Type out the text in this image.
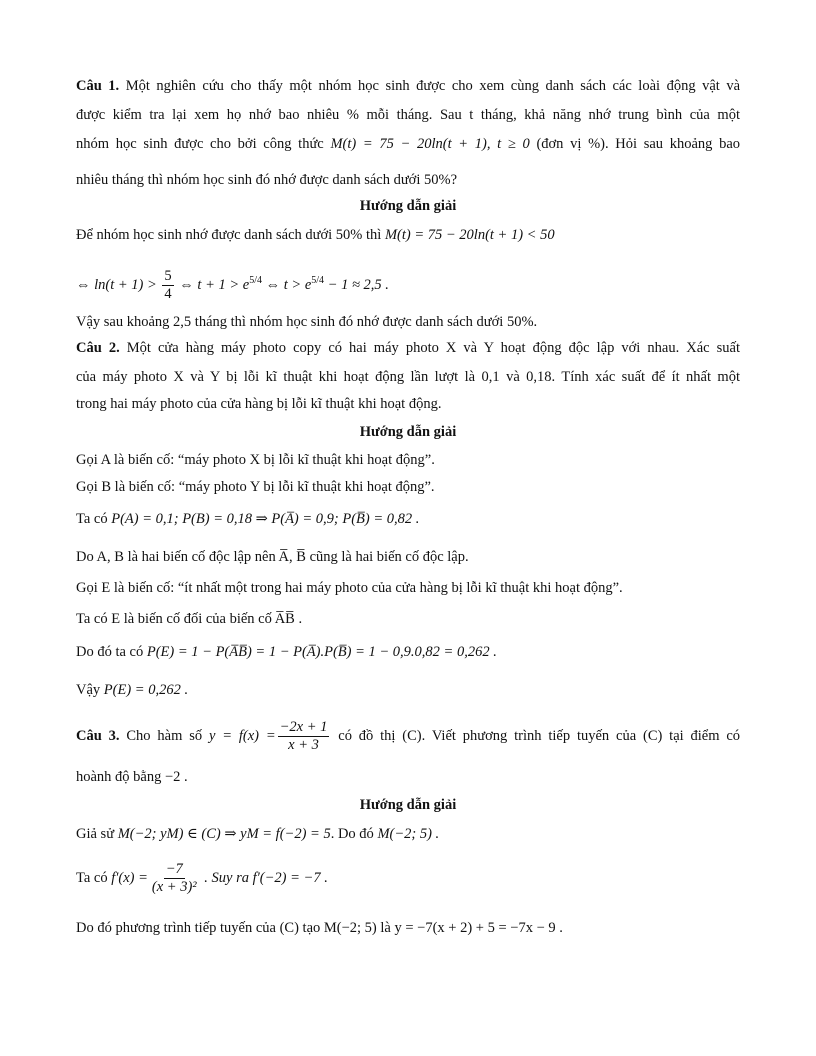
Câu 1. Một nghiên cứu cho thấy một nhóm học sinh được cho xem cùng danh sách các loài động vật và
được kiểm tra lại xem họ nhớ bao nhiêu % mỗi tháng. Sau t tháng, khả năng nhớ trung bình của một
nhóm học sinh được cho bởi công thức M(t) = 75 − 20ln(t + 1), t ≥ 0 (đơn vị %). Hỏi sau khoảng bao
nhiêu tháng thì nhóm học sinh đó nhớ được danh sách dưới 50%?
Hướng dẫn giải
Để nhóm học sinh nhớ được danh sách dưới 50% thì M(t) = 75 − 20ln(t + 1) < 50
⇔ $\ln(t + 1) > \frac{5}{4}$ ⇔ $t + 1 > e^{5/4}$ ⇔ $t > e^{5/4} - 1 \approx 2,5$ .
Vậy sau khoảng 2,5 tháng thì nhóm học sinh đó nhớ được danh sách dưới 50%.
Câu 2. Một cửa hàng máy photo copy có hai máy photo X và Y hoạt động độc lập với nhau. Xác suất
của máy photo X và Y bị lỗi kĩ thuật khi hoạt động lần lượt là 0,1 và 0,18. Tính xác suất để ít nhất một
trong hai máy photo của cửa hàng bị lỗi kĩ thuật khi hoạt động.
Hướng dẫn giải
Gọi A là biến cố: “máy photo X bị lỗi kĩ thuật khi hoạt động”.
Gọi B là biến cố: “máy photo Y bị lỗi kĩ thuật khi hoạt động”.
Ta có P(A) = 0,1; P(B) = 0,18 ⇒ P(A̅) = 0,9; P(B̅) = 0,82 .
Do A, B là hai biến cố độc lập nên A̅, B̅ cũng là hai biến cố độc lập.
Gọi E là biến cố: “ít nhất một trong hai máy photo của cửa hàng bị lỗi kĩ thuật khi hoạt động”.
Ta có E là biến cố đối của biến cố A̅B̅ .
Do đó ta có P(E) = 1 − P(A̅B̅) = 1 − P(A̅).P(B̅) = 1 − 0,9.0,82 = 0,262 .
Vậy P(E) = 0,262 .
Câu 3. Cho hàm số $y = f(x) = \frac{-2x + 1}{x + 3}$ có đồ thị (C). Viết phương trình tiếp tuyến của (C) tại điểm có
hoành độ bằng −2 .
Hướng dẫn giải
Giả sử M(−2; yM) ∈ (C) ⇒ yM = f(−2) = 5. Do đó M(−2; 5) .
Ta có $f'(x) = \frac{-7}{\text{(x + 3)²}}$ . Suy ra f′(−2) = −7 .
Do đó phương trình tiếp tuyến của (C) tạo M(−2; 5) là y = −7(x + 2) + 5 = −7x − 9 .
